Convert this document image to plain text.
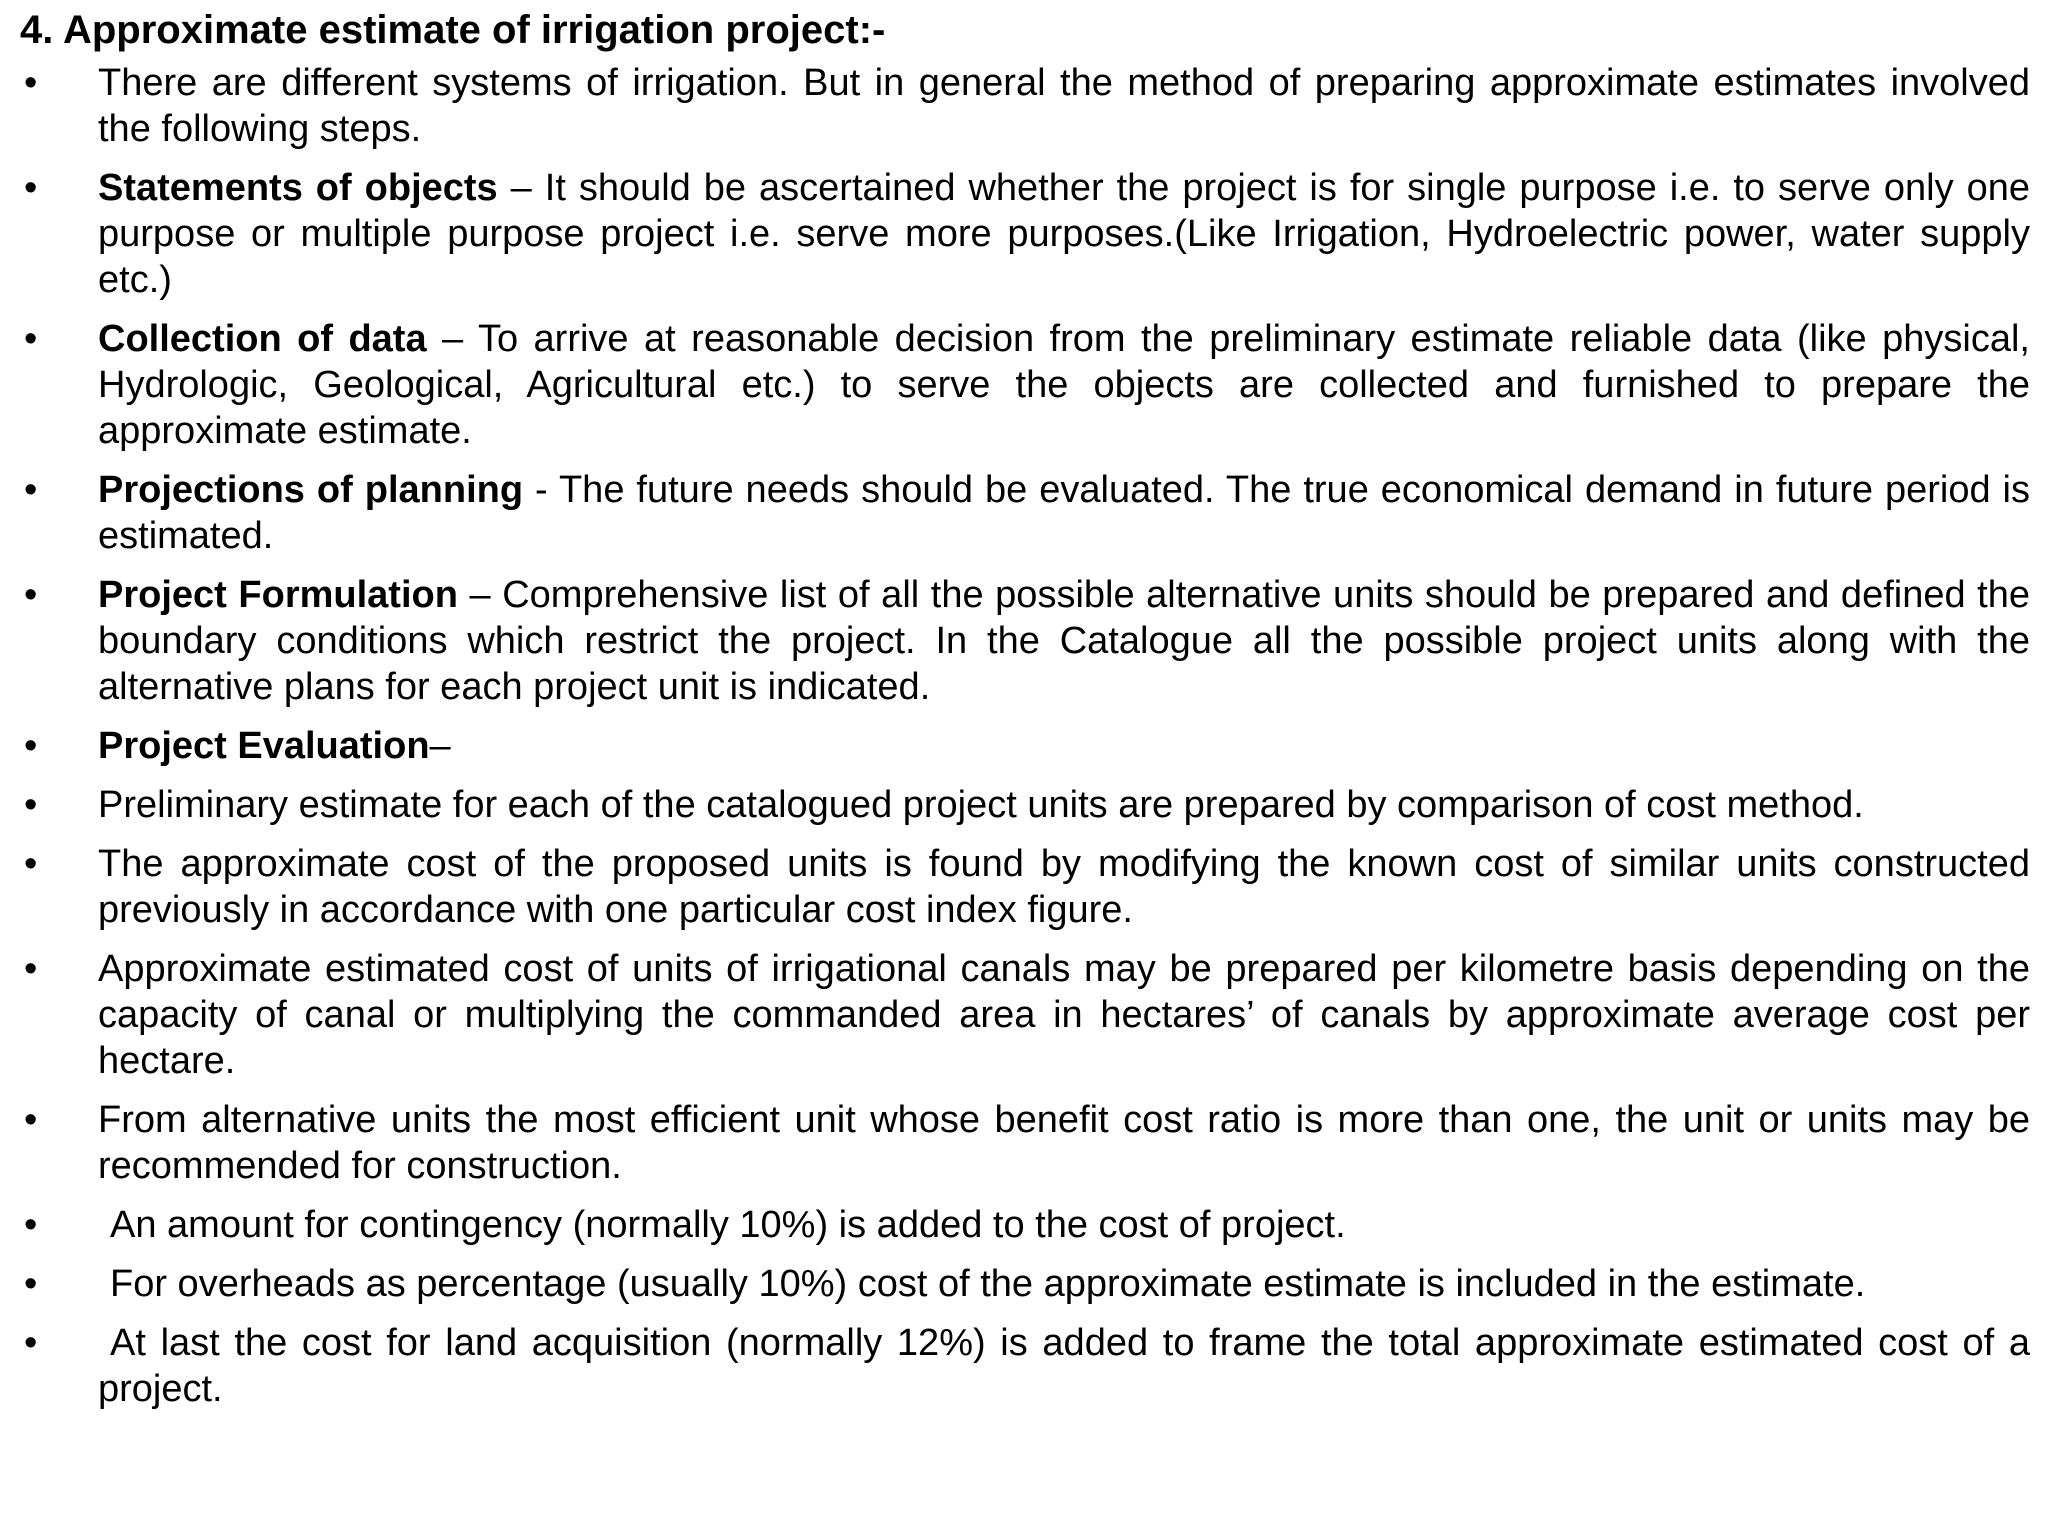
4. Approximate estimate of irrigation project:-
•	There are different systems of irrigation. But in general the method of preparing approximate estimates involved the following steps.
•	Statements of objects – It should be ascertained whether the project is for single purpose i.e. to serve only one purpose or multiple purpose project i.e. serve more purposes.(Like Irrigation, Hydroelectric power, water supply etc.)
•	Collection of data – To arrive at reasonable decision from the preliminary estimate reliable data (like physical, Hydrologic, Geological, Agricultural etc.) to serve the objects are collected and furnished to prepare the approximate estimate.
•	Projections of planning - The future needs should be evaluated. The true economical demand in future period is estimated.
•	Project Formulation – Comprehensive list of all the possible alternative units should be prepared and defined the boundary conditions which restrict the project. In the Catalogue all the possible project units along with the alternative plans for each project unit is indicated.
•	Project Evaluation–
•	Preliminary estimate for each of the catalogued project units are prepared by comparison of cost method.
•	The approximate cost of the proposed units is found by modifying the known cost of similar units constructed previously in accordance with one particular cost index figure.
•	Approximate estimated cost of units of irrigational canals may be prepared per kilometre basis depending on the capacity of canal or multiplying the commanded area in hectares’ of canals by approximate average cost per hectare.
•	From alternative units the most efficient unit whose benefit cost ratio is more than one, the unit or units may be recommended for construction.
•	An amount for contingency (normally 10%) is added to the cost of project.
•	For overheads as percentage (usually 10%) cost of the approximate estimate is included in the estimate.
•	At last the cost for land acquisition (normally 12%) is added to frame the total approximate estimated cost of a project.
